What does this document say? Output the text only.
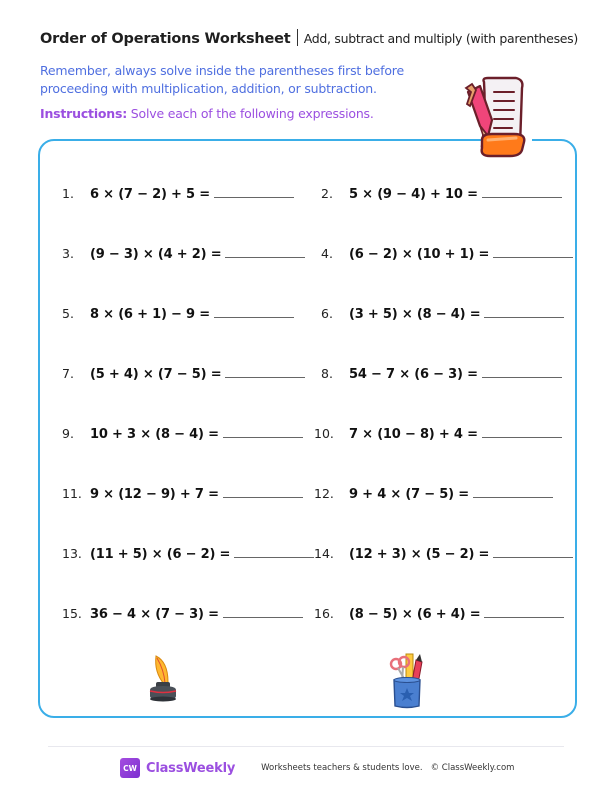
Order of Operations Worksheet Add, subtract and multiply (with parentheses)
Remember, always solve inside the parentheses first before proceeding with multiplication, addition, or subtraction.
Instructions: Solve each of the following expressions.
1.	6 × (7 − 2) + 5 =
3.	(9 − 3) × (4 + 2) =
5.	8 × (6 + 1) − 9 =
7.	(5 + 4) × (7 − 5) =
9.	10 + 3 × (8 − 4) =
11. 9 × (12 − 9) + 7 =
13. (11 + 5) × (6 − 2) =
15. 36 − 4 × (7 − 3) =
2.	5 × (9 − 4) + 10 =
4.	(6 − 2) × (10 + 1) =
6.	(3 + 5) × (8 − 4) =
8.	54 − 7 × (6 − 3) =
10.	7 × (10 − 8) + 4 =
12.	9 + 4 × (7 − 5) =
14.	(12 + 3) × (5 − 2) =
16.	(8 − 5) × (6 + 4) =
CW ClassWeekly	Worksheets teachers & students love. © ClassWeekly.com
